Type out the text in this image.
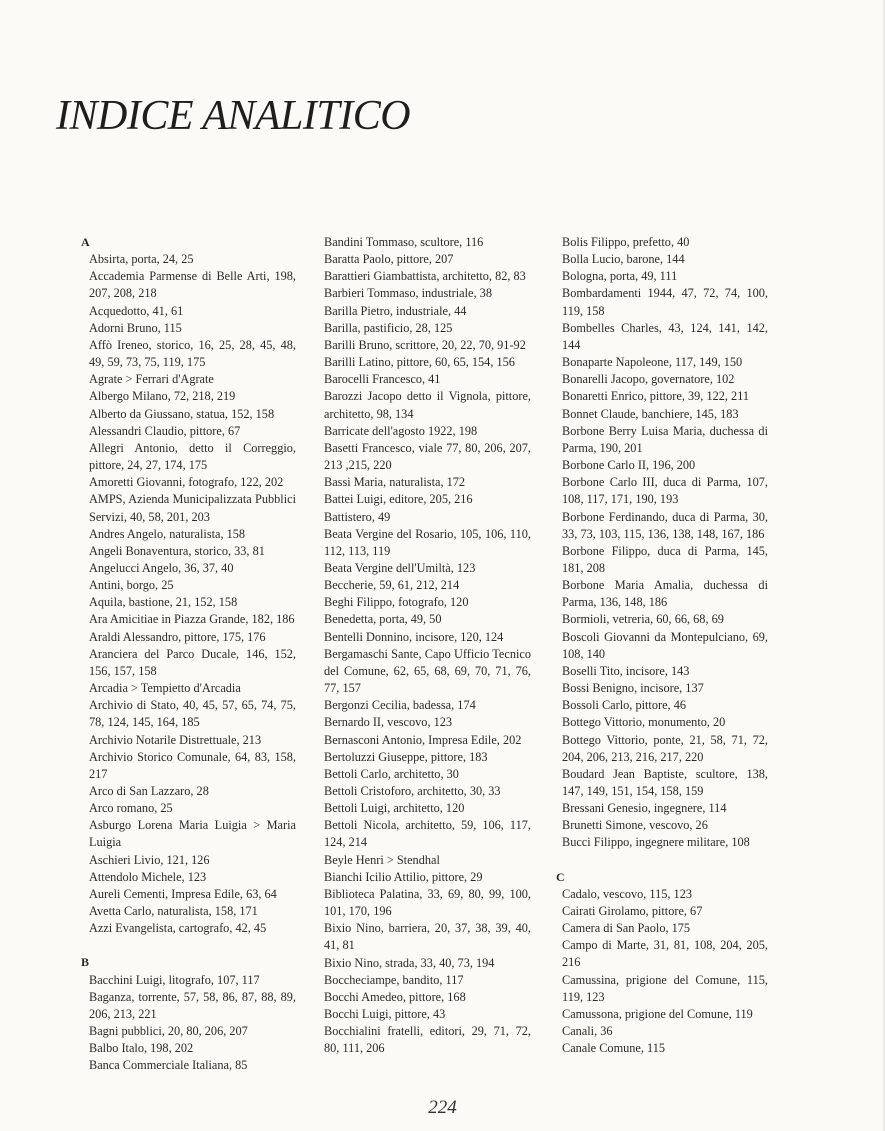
INDICE ANALITICO
A
Absirta, porta, 24, 25
Accademia Parmense di Belle Arti, 198, 207, 208, 218
Acquedotto, 41, 61
Adorni Bruno, 115
Affò Ireneo, storico, 16, 25, 28, 45, 48, 49, 59, 73, 75, 119, 175
Agrate > Ferrari d'Agrate
Albergo Milano, 72, 218, 219
Alberto da Giussano, statua, 152, 158
Alessandri Claudio, pittore, 67
Allegri Antonio, detto il Correggio, pittore, 24, 27, 174, 175
Amoretti Giovanni, fotografo, 122, 202
AMPS, Azienda Municipalizzata Pubblici Servizi, 40, 58, 201, 203
Andres Angelo, naturalista, 158
Angeli Bonaventura, storico, 33, 81
Angelucci Angelo, 36, 37, 40
Antini, borgo, 25
Aquila, bastione, 21, 152, 158
Ara Amicitiae in Piazza Grande, 182, 186
Araldi Alessandro, pittore, 175, 176
Aranciera del Parco Ducale, 146, 152, 156, 157, 158
Arcadia > Tempietto d'Arcadia
Archivio di Stato, 40, 45, 57, 65, 74, 75, 78, 124, 145, 164, 185
Archivio Notarile Distrettuale, 213
Archivio Storico Comunale, 64, 83, 158, 217
Arco di San Lazzaro, 28
Arco romano, 25
Asburgo Lorena Maria Luigia > Maria Luigia
Aschieri Livio, 121, 126
Attendolo Michele, 123
Aureli Cementi, Impresa Edile, 63, 64
Avetta Carlo, naturalista, 158, 171
Azzi Evangelista, cartografo, 42, 45
B
Bacchini Luigi, litografo, 107, 117
Baganza, torrente, 57, 58, 86, 87, 88, 89, 206, 213, 221
Bagni pubblici, 20, 80, 206, 207
Balbo Italo, 198, 202
Banca Commerciale Italiana, 85
Bandini Tommaso, scultore, 116
Baratta Paolo, pittore, 207
Barattieri Giambattista, architetto, 82, 83
Barbieri Tommaso, industriale, 38
Barilla Pietro, industriale, 44
Barilla, pastificio, 28, 125
Barilli Bruno, scrittore, 20, 22, 70, 91-92
Barilli Latino, pittore, 60, 65, 154, 156
Barocelli Francesco, 41
Barozzi Jacopo detto il Vignola, pittore, architetto, 98, 134
Barricate dell'agosto 1922, 198
Basetti Francesco, viale 77, 80, 206, 207, 213 ,215, 220
Bassi Maria, naturalista, 172
Battei Luigi, editore, 205, 216
Battistero, 49
Beata Vergine del Rosario, 105, 106, 110, 112, 113, 119
Beata Vergine dell'Umiltà, 123
Beccherie, 59, 61, 212, 214
Beghi Filippo, fotografo, 120
Benedetta, porta, 49, 50
Bentelli Donnino, incisore, 120, 124
Bergamaschi Sante, Capo Ufficio Tecnico del Comune, 62, 65, 68, 69, 70, 71, 76, 77, 157
Bergonzi Cecilia, badessa, 174
Bernardo II, vescovo, 123
Bernasconi Antonio, Impresa Edile, 202
Bertoluzzi Giuseppe, pittore, 183
Bettoli Carlo, architetto, 30
Bettoli Cristoforo, architetto, 30, 33
Bettoli Luigi, architetto, 120
Bettoli Nicola, architetto, 59, 106, 117, 124, 214
Beyle Henri > Stendhal
Bianchi Icilio Attilio, pittore, 29
Biblioteca Palatina, 33, 69, 80, 99, 100, 101, 170, 196
Bixio Nino, barriera, 20, 37, 38, 39, 40, 41, 81
Bixio Nino, strada, 33, 40, 73, 194
Boccheciampe, bandito, 117
Bocchi Amedeo, pittore, 168
Bocchi Luigi, pittore, 43
Bocchialini fratelli, editori, 29, 71, 72, 80, 111, 206
Bolis Filippo, prefetto, 40
Bolla Lucio, barone, 144
Bologna, porta, 49, 111
Bombardamenti 1944, 47, 72, 74, 100, 119, 158
Bombelles Charles, 43, 124, 141, 142, 144
Bonaparte Napoleone, 117, 149, 150
Bonarelli Jacopo, governatore, 102
Bonaretti Enrico, pittore, 39, 122, 211
Bonnet Claude, banchiere, 145, 183
Borbone Berry Luisa Maria, duchessa di Parma, 190, 201
Borbone Carlo II, 196, 200
Borbone Carlo III, duca di Parma, 107, 108, 117, 171, 190, 193
Borbone Ferdinando, duca di Parma, 30, 33, 73, 103, 115, 136, 138, 148, 167, 186
Borbone Filippo, duca di Parma, 145, 181, 208
Borbone Maria Amalia, duchessa di Parma, 136, 148, 186
Bormioli, vetreria, 60, 66, 68, 69
Boscoli Giovanni da Montepulciano, 69, 108, 140
Boselli Tito, incisore, 143
Bossi Benigno, incisore, 137
Bossoli Carlo, pittore, 46
Bottego Vittorio, monumento, 20
Bottego Vittorio, ponte, 21, 58, 71, 72, 204, 206, 213, 216, 217, 220
Boudard Jean Baptiste, scultore, 138, 147, 149, 151, 154, 158, 159
Bressani Genesio, ingegnere, 114
Brunetti Simone, vescovo, 26
Bucci Filippo, ingegnere militare, 108
C
Cadalo, vescovo, 115, 123
Cairati Girolamo, pittore, 67
Camera di San Paolo, 175
Campo di Marte, 31, 81, 108, 204, 205, 216
Camussina, prigione del Comune, 115, 119, 123
Camussona, prigione del Comune, 119
Canali, 36
Canale Comune, 115
224
